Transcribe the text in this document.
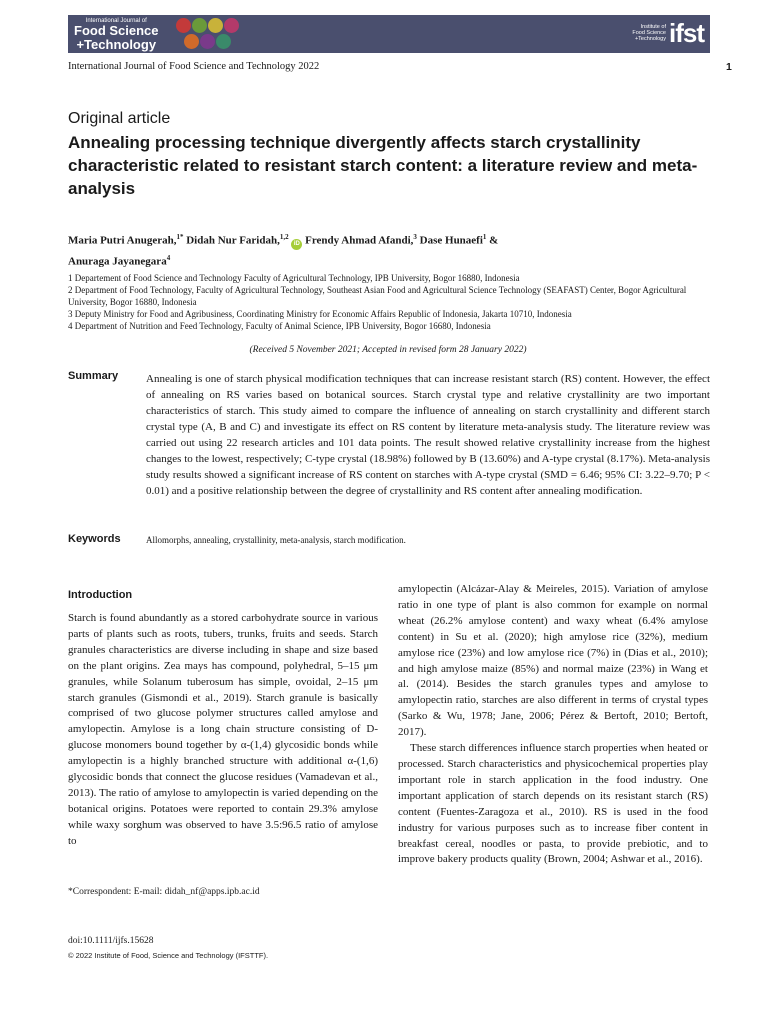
International Journal of
Food Science
+Technology
Institute of
Food Science
+Technology ifst
International Journal of Food Science and Technology 2022	1
Original article
Annealing processing technique divergently affects starch crystallinity characteristic related to resistant starch content: a literature review and meta-analysis
Maria Putri Anugerah,$^{1*}$ Didah Nur Faridah,$^{1,2}$ iD Frendy Ahmad Afandi,$^3$ Dase Hunaefi$^1$ &
Anuraga Jayanegara$^4$

1 Departement of Food Science and Technology Faculty of Agricultural Technology, IPB University, Bogor 16880, Indonesia

2 Department of Food Technology, Faculty of Agricultural Technology, Southeast Asian Food and Agricultural Science Technology (SEAFAST) Center, Bogor Agricultural University, Bogor 16880, Indonesia

3 Deputy Ministry for Food and Agribusiness, Coordinating Ministry for Economic Affairs Republic of Indonesia, Jakarta 10710, Indonesia

4 Department of Nutrition and Feed Technology, Faculty of Animal Science, IPB University, Bogor 16680, Indonesia

(Received 5 November 2021; Accepted in revised form 28 January 2022)
Summary	Annealing is one of starch physical modification techniques that can increase resistant starch (RS) content. However, the effect of annealing on RS varies based on botanical sources. Starch crystal type and relative crystallinity are two important characteristics of starch. This study aimed to compare the influence of annealing on starch crystallinity and different starch crystal type (A, B and C) and investigate its effect on RS content by literature meta-analysis study. The literature review was carried out using 22 research articles and 101 data points. The result showed relative crystallinity increase from the highest changes to the lowest, respectively; C-type crystal (18.98%) followed by B (13.60%) and A-type crystal (8.17%). Meta-analysis study results showed a significant increase of RS content on starches with A-type crystal (SMD = 6.46; 95% CI: 3.22–9.70; P < 0.01) and a positive relationship between the degree of crystallinity and RS content after annealing modification.

Keywords	Allomorphs, annealing, crystallinity, meta-analysis, starch modification.
Introduction

Starch is found abundantly as a stored carbohydrate source in various parts of plants such as roots, tubers, trunks, fruits and seeds. Starch granules characteristics are diverse including in shape and size based on the plant origins. Zea mays has compound, polyhedral, 5–15 μm granules, while Solanum tuberosum has simple, ovoidal, 2–15 μm starch granules (Gismondi et al., 2019). Starch granule is basically comprised of two glucose polymer structures called amylose and amylopectin. Amylose is a long chain structure consisting of D-glucose monomers bound together by α-(1,4) glycosidic bonds while amylopectin is a highly branched structure with additional α-(1,6) glycosidic bonds that connect the glucose residues (Vamadevan et al., 2013). The ratio of amylose to amylopectin is varied depending on the botanical origins. Potatoes were reported to contain 29.3% amylose while waxy sorghum was observed to have 3.5:96.5 ratio of amylose to

amylopectin (Alcázar-Alay & Meireles, 2015). Variation of amylose ratio in one type of plant is also common for example on normal wheat (26.2% amylose content) and waxy wheat (6.4% amylose content) in Su et al. (2020); high amylose rice (32%), medium amylose rice (23%) and low amylose rice (7%) in (Dias et al., 2010); and high amylose maize (85%) and normal maize (23%) in Wang et al. (2014). Besides the starch granules types and amylose to amylopectin ratio, starches are also different in terms of crystal types (Sarko & Wu, 1978; Jane, 2006; Pérez & Bertoft, 2010; Bertoft, 2017).

These starch differences influence starch properties when heated or processed. Starch characteristics and physicochemical properties play important role in starch application in the food industry. One important application of starch depends on its resistant starch (RS) content (Fuentes-Zaragoza et al., 2010). RS is used in the food industry for various purposes such as to increase fiber content in breakfast cereal, noodles or pasta, to provide prebiotic, and to improve bakery products quality (Brown, 2004; Ashwar et al., 2016).

*Correspondent: E-mail: didah_nf@apps.ipb.ac.id
doi:10.1111/ijfs.15628
© 2022 Institute of Food, Science and Technology (IFSTTF).
